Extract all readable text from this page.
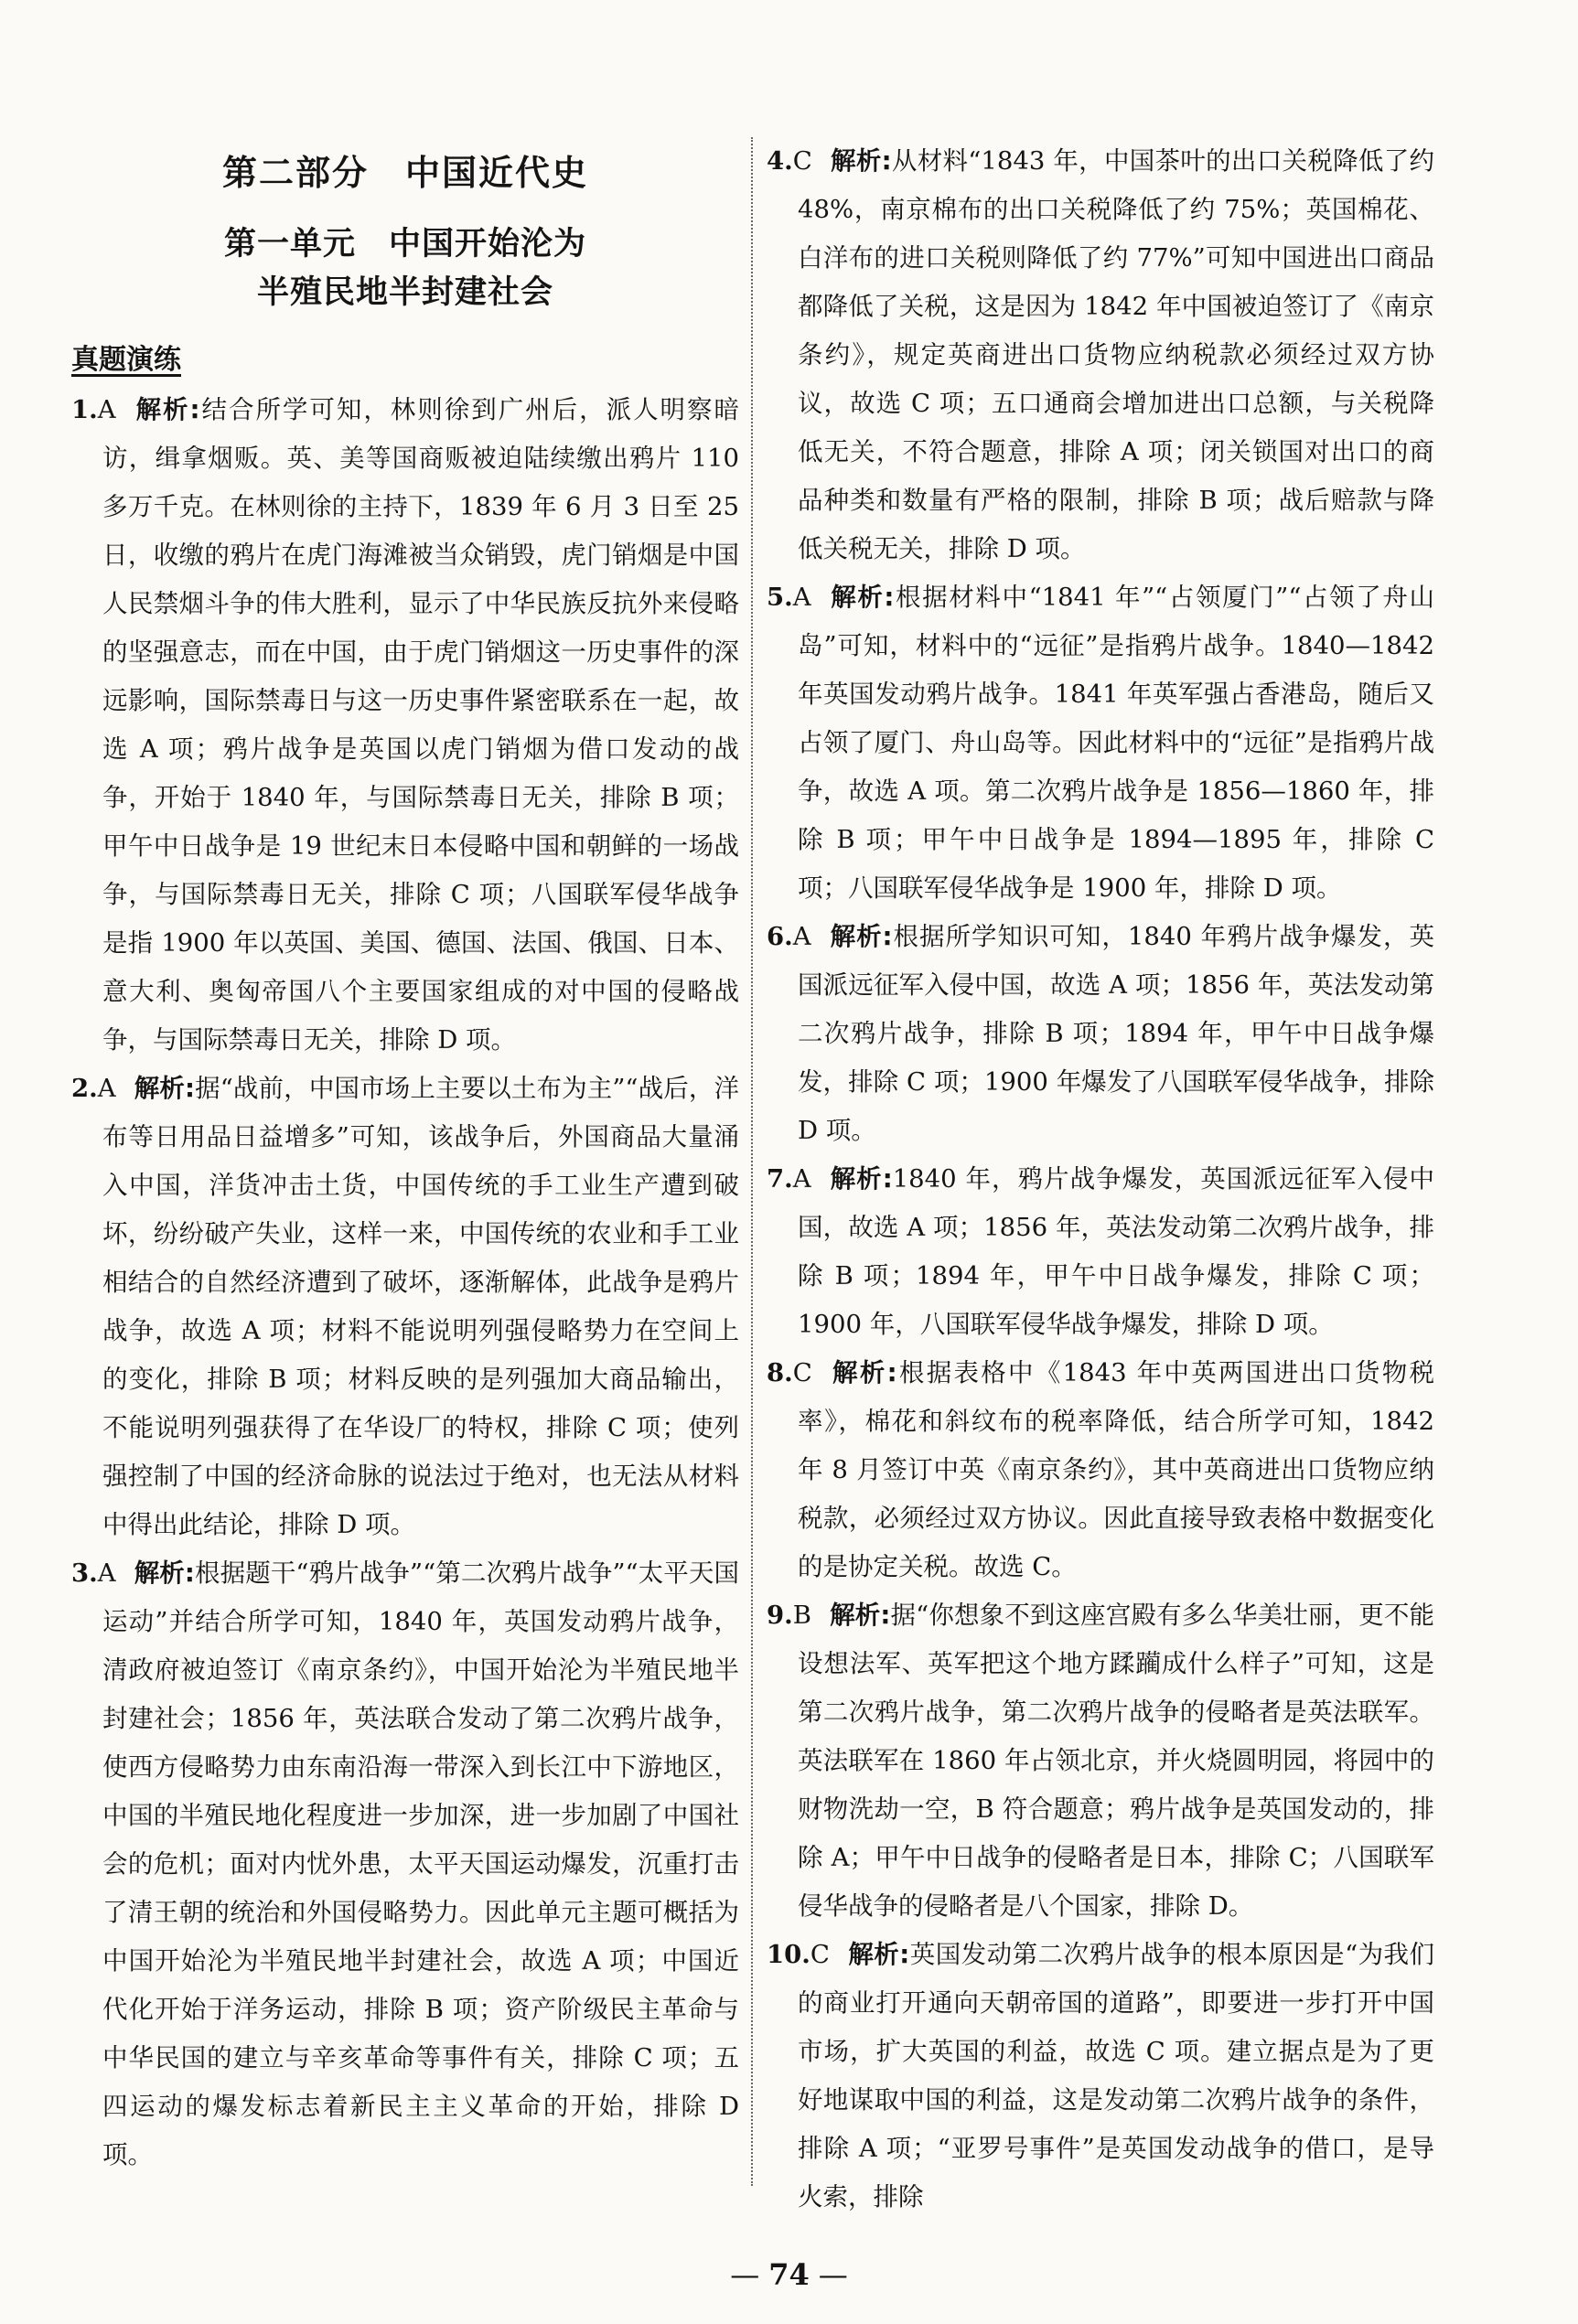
第二部分　中国近代史
第一单元　中国开始沦为
半殖民地半封建社会
真题演练
1.A 解析:结合所学可知，林则徐到广州后，派人明察暗访，缉拿烟贩。英、美等国商贩被迫陆续缴出鸦片 110 多万千克。在林则徐的主持下，1839 年 6 月 3 日至 25 日，收缴的鸦片在虎门海滩被当众销毁，虎门销烟是中国人民禁烟斗争的伟大胜利，显示了中华民族反抗外来侵略的坚强意志，而在中国，由于虎门销烟这一历史事件的深远影响，国际禁毒日与这一历史事件紧密联系在一起，故选 A 项；鸦片战争是英国以虎门销烟为借口发动的战争，开始于 1840 年，与国际禁毒日无关，排除 B 项；甲午中日战争是 19 世纪末日本侵略中国和朝鲜的一场战争，与国际禁毒日无关，排除 C 项；八国联军侵华战争是指 1900 年以英国、美国、德国、法国、俄国、日本、意大利、奥匈帝国八个主要国家组成的对中国的侵略战争，与国际禁毒日无关，排除 D 项。
2.A 解析:据“战前，中国市场上主要以土布为主”“战后，洋布等日用品日益增多”可知，该战争后，外国商品大量涌入中国，洋货冲击土货，中国传统的手工业生产遭到破坏，纷纷破产失业，这样一来，中国传统的农业和手工业相结合的自然经济遭到了破坏，逐渐解体，此战争是鸦片战争，故选 A 项；材料不能说明列强侵略势力在空间上的变化，排除 B 项；材料反映的是列强加大商品输出，不能说明列强获得了在华设厂的特权，排除 C 项；使列强控制了中国的经济命脉的说法过于绝对，也无法从材料中得出此结论，排除 D 项。
3.A 解析:根据题干“鸦片战争”“第二次鸦片战争”“太平天国运动”并结合所学可知，1840 年，英国发动鸦片战争，清政府被迫签订《南京条约》，中国开始沦为半殖民地半封建社会；1856 年，英法联合发动了第二次鸦片战争，使西方侵略势力由东南沿海一带深入到长江中下游地区，中国的半殖民地化程度进一步加深，进一步加剧了中国社会的危机；面对内忧外患，太平天国运动爆发，沉重打击了清王朝的统治和外国侵略势力。因此单元主题可概括为中国开始沦为半殖民地半封建社会，故选 A 项；中国近代化开始于洋务运动，排除 B 项；资产阶级民主革命与中华民国的建立与辛亥革命等事件有关，排除 C 项；五四运动的爆发标志着新民主主义革命的开始，排除 D 项。
4.C 解析:从材料“1843 年，中国茶叶的出口关税降低了约 48%，南京棉布的出口关税降低了约 75%；英国棉花、白洋布的进口关税则降低了约 77%”可知中国进出口商品都降低了关税，这是因为 1842 年中国被迫签订了《南京条约》，规定英商进出口货物应纳税款必须经过双方协议，故选 C 项；五口通商会增加进出口总额，与关税降低无关，不符合题意，排除 A 项；闭关锁国对出口的商品种类和数量有严格的限制，排除 B 项；战后赔款与降低关税无关，排除 D 项。
5.A 解析:根据材料中“1841 年”“占领厦门”“占领了舟山岛”可知，材料中的“远征”是指鸦片战争。1840—1842 年英国发动鸦片战争。1841 年英军强占香港岛，随后又占领了厦门、舟山岛等。因此材料中的“远征”是指鸦片战争，故选 A 项。第二次鸦片战争是 1856—1860 年，排除 B 项；甲午中日战争是 1894—1895 年，排除 C 项；八国联军侵华战争是 1900 年，排除 D 项。
6.A 解析:根据所学知识可知，1840 年鸦片战争爆发，英国派远征军入侵中国，故选 A 项；1856 年，英法发动第二次鸦片战争，排除 B 项；1894 年，甲午中日战争爆发，排除 C 项；1900 年爆发了八国联军侵华战争，排除 D 项。
7.A 解析:1840 年，鸦片战争爆发，英国派远征军入侵中国，故选 A 项；1856 年，英法发动第二次鸦片战争，排除 B 项；1894 年，甲午中日战争爆发，排除 C 项；1900 年，八国联军侵华战争爆发，排除 D 项。
8.C 解析:根据表格中《1843 年中英两国进出口货物税率》，棉花和斜纹布的税率降低，结合所学可知，1842 年 8 月签订中英《南京条约》，其中英商进出口货物应纳税款，必须经过双方协议。因此直接导致表格中数据变化的是协定关税。故选 C。
9.B 解析:据“你想象不到这座宫殿有多么华美壮丽，更不能设想法军、英军把这个地方蹂躏成什么样子”可知，这是第二次鸦片战争，第二次鸦片战争的侵略者是英法联军。英法联军在 1860 年占领北京，并火烧圆明园，将园中的财物洗劫一空，B 符合题意；鸦片战争是英国发动的，排除 A；甲午中日战争的侵略者是日本，排除 C；八国联军侵华战争的侵略者是八个国家，排除 D。
10.C 解析:英国发动第二次鸦片战争的根本原因是“为我们的商业打开通向天朝帝国的道路”，即要进一步打开中国市场，扩大英国的利益，故选 C 项。建立据点是为了更好地谋取中国的利益，这是发动第二次鸦片战争的条件，排除 A 项；“亚罗号事件”是英国发动战争的借口，是导火索，排除
— 74 —
